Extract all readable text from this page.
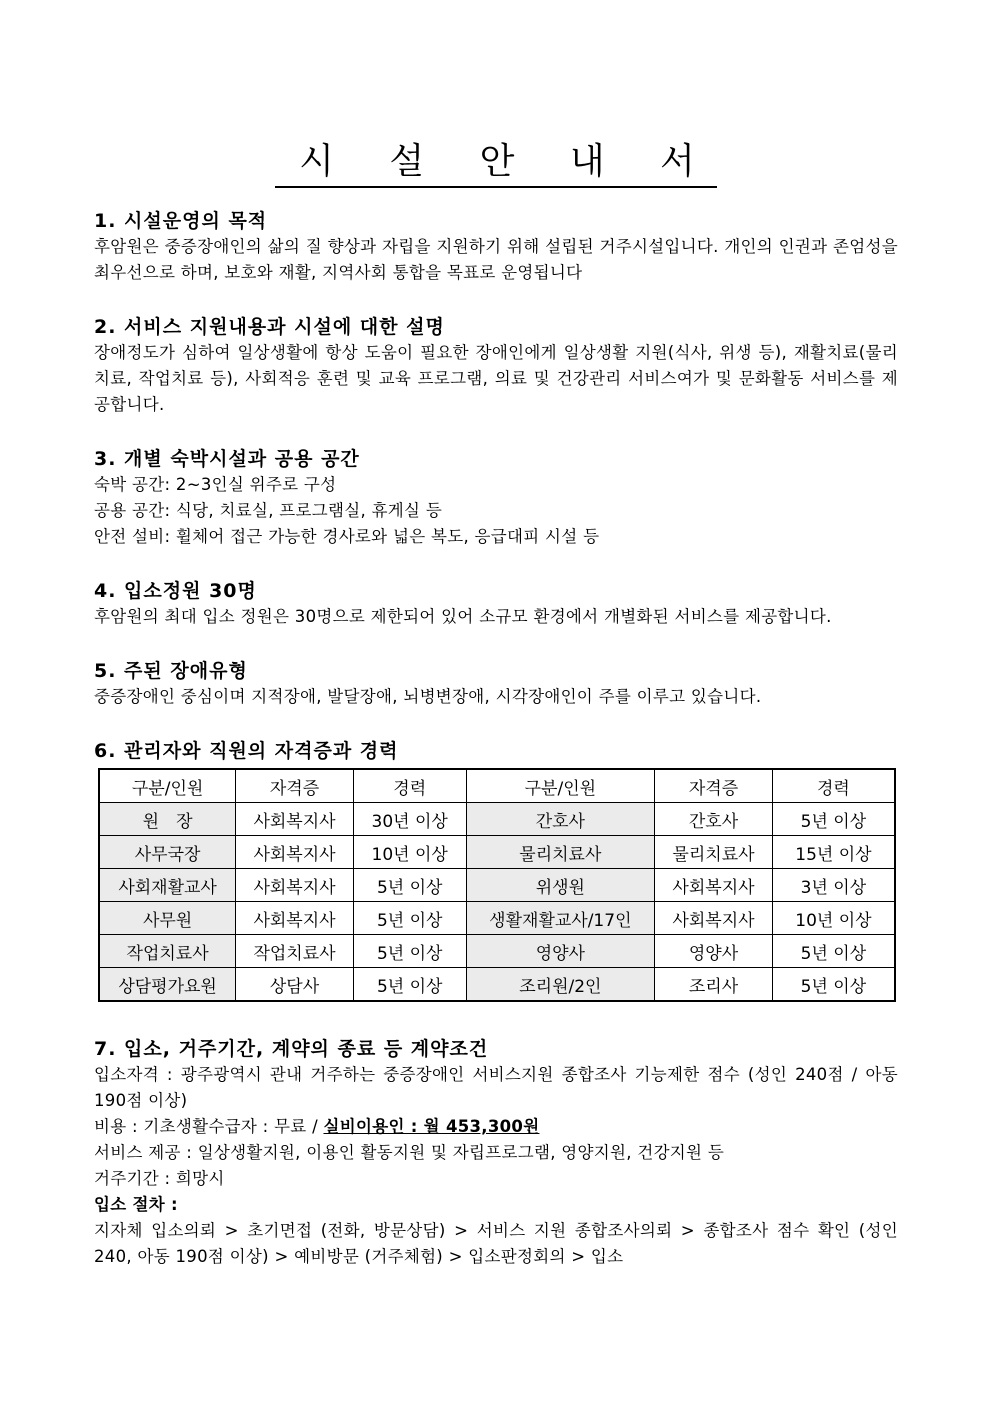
시 설 안 내 서
1. 시설운영의 목적

후암원은 중증장애인의 삶의 질 향상과 자립을 지원하기 위해 설립된 거주시설입니다. 개인의 인권과 존엄성을 최우선으로 하며, 보호와 재활, 지역사회 통합을 목표로 운영됩니다

2. 서비스 지원내용과 시설에 대한 설명

장애정도가 심하여 일상생활에 항상 도움이 필요한 장애인에게 일상생활 지원(식사, 위생 등), 재활치료(물리치료, 작업치료 등), 사회적응 훈련 및 교육 프로그램, 의료 및 건강관리 서비스여가 및 문화활동 서비스를 제공합니다.

3. 개별 숙박시설과 공용 공간

숙박 공간: 2~3인실 위주로 구성

공용 공간: 식당, 치료실, 프로그램실, 휴게실 등

안전 설비: 휠체어 접근 가능한 경사로와 넓은 복도, 응급대피 시설 등

4. 입소정원 30명

후암원의 최대 입소 정원은 30명으로 제한되어 있어 소규모 환경에서 개별화된 서비스를 제공합니다.

5. 주된 장애유형

중증장애인 중심이며 지적장애, 발달장애, 뇌병변장애, 시각장애인이 주를 이루고 있습니다.

6. 관리자와 직원의 자격증과 경력
구분/인원	자격증	경력	구분/인원	자격증	경력
원　장	사회복지사	30년 이상	간호사	간호사	5년 이상
사무국장	사회복지사	10년 이상	물리치료사	물리치료사	15년 이상
사회재활교사	사회복지사	5년 이상	위생원	사회복지사	3년 이상
사무원	사회복지사	5년 이상	생활재활교사/17인	사회복지사	10년 이상
작업치료사	작업치료사	5년 이상	영양사	영양사	5년 이상
상담평가요원	상담사	5년 이상	조리원/2인	조리사	5년 이상
7. 입소, 거주기간, 계약의 종료 등 계약조건

입소자격 : 광주광역시 관내 거주하는 중증장애인 서비스지원 종합조사 기능제한 점수 (성인 240점 / 아동 190점 이상)

비용 : 기초생활수급자 : 무료 / 실비이용인 : 월 453,300원

서비스 제공 : 일상생활지원, 이용인 활동지원 및 자립프로그램, 영양지원, 건강지원 등

거주기간 : 희망시

입소 절차 :

지자체 입소의뢰 > 초기면접 (전화, 방문상담) > 서비스 지원 종합조사의뢰 > 종합조사 점수 확인 (성인 240, 아동 190점 이상) > 예비방문 (거주체험) > 입소판정회의 > 입소
